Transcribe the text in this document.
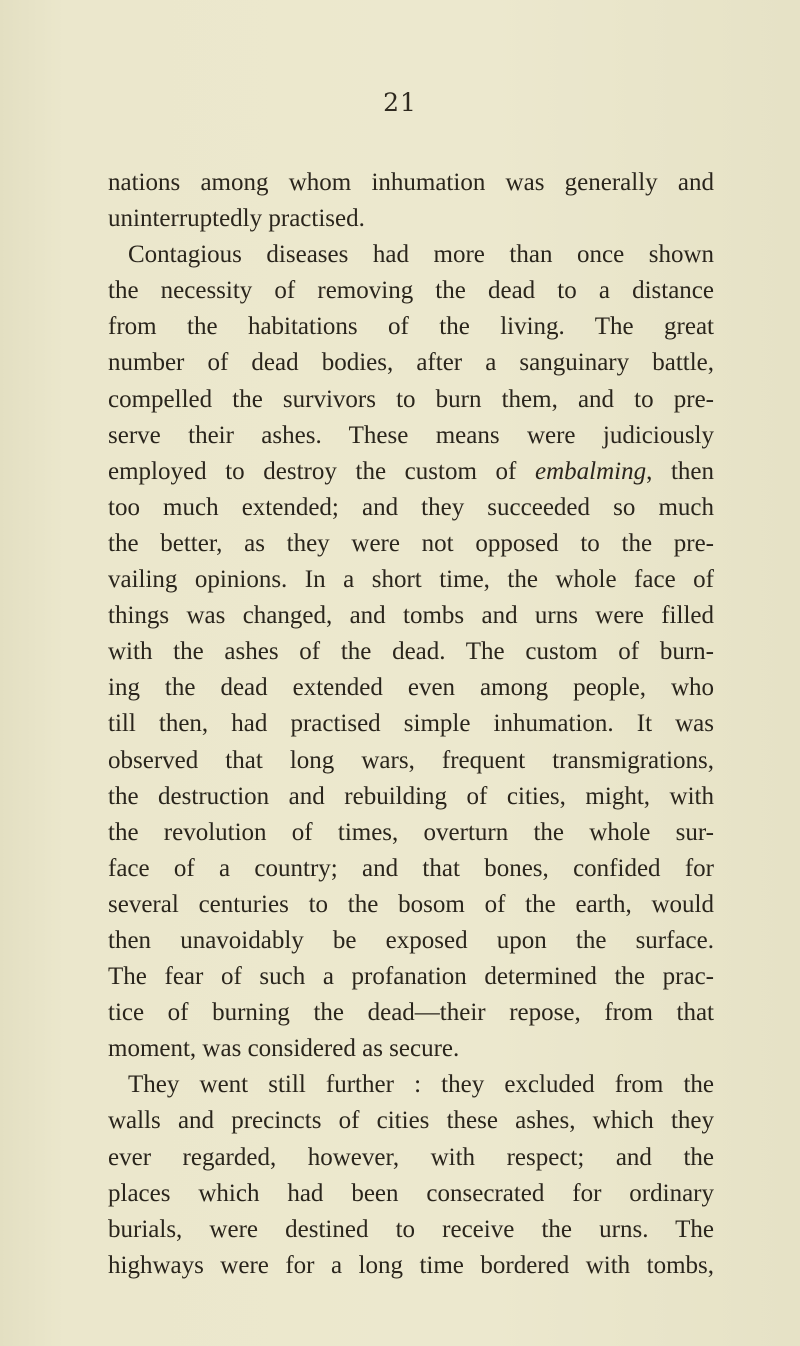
21
nations among whom inhumation was generally and
uninterruptedly practised.
Contagious diseases had more than once shown
the necessity of removing the dead to a distance
from the habitations of the living. The great
number of dead bodies, after a sanguinary battle,
compelled the survivors to burn them, and to pre-
serve their ashes. These means were judiciously
employed to destroy the custom of embalming, then
too much extended; and they succeeded so much
the better, as they were not opposed to the pre-
vailing opinions. In a short time, the whole face of
things was changed, and tombs and urns were filled
with the ashes of the dead. The custom of burn-
ing the dead extended even among people, who
till then, had practised simple inhumation. It was
observed that long wars, frequent transmigrations,
the destruction and rebuilding of cities, might, with
the revolution of times, overturn the whole sur-
face of a country; and that bones, confided for
several centuries to the bosom of the earth, would
then unavoidably be exposed upon the surface.
The fear of such a profanation determined the prac-
tice of burning the dead—their repose, from that
moment, was considered as secure.
They went still further : they excluded from the
walls and precincts of cities these ashes, which they
ever regarded, however, with respect; and the
places which had been consecrated for ordinary
burials, were destined to receive the urns. The
highways were for a long time bordered with tombs,
